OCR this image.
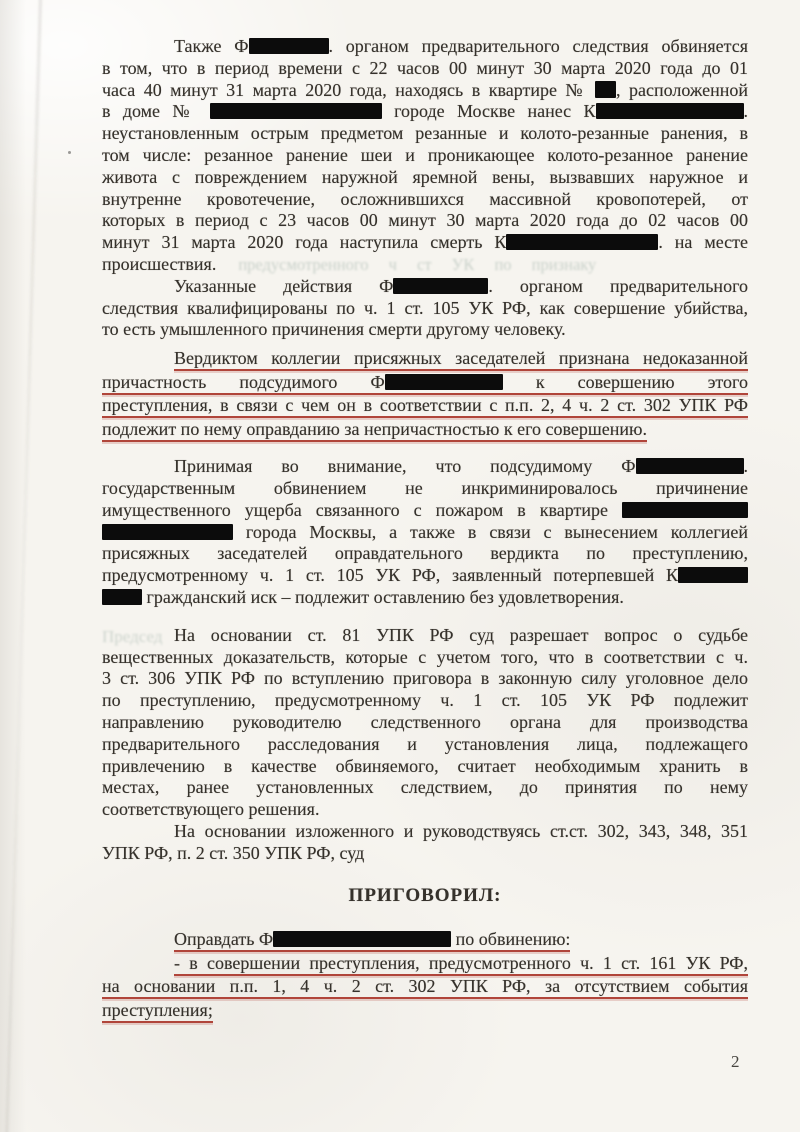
Председ
Также Ф	. органом предварительного следствия обвиняется
в том, что в период времени с 22 часов 00 минут 30 марта 2020 года до 01
часа 40 минут 31 марта 2020 года, находясь в квартире № , расположенной
в доме №	городе Москве нанес К	.
неустановленным острым предметом резанные и колото-резанные ранения, в
том числе: резанное ранение шеи и проникающее колото-резанное ранение
живота с повреждением наружной яремной вены, вызвавших наружное и
внутренне кровотечение, осложнившихся массивной кровопотерей, от
которых в период с 23 часов 00 минут 30 марта 2020 года до 02 часов 00
минут 31 марта 2020 года наступила смерть К	. на месте
происшествия. предусмотренного ч ст УК по признаку
Указанные действия Ф	. органом предварительного
следствия квалифицированы по ч. 1 ст. 105 УК РФ, как совершение убийства,
то есть умышленного причинения смерти другому человеку.
Вердиктом коллегии присяжных заседателей признана недоказанной
причастность подсудимого Ф	к совершению этого
преступления, в связи с чем он в соответствии с п.п. 2, 4 ч. 2 ст. 302 УПК РФ
подлежит по нему оправданию за непричастностью к его совершению.
Принимая во внимание, что подсудимому Ф	.
государственным обвинением не инкриминировалось причинение
имущественного ущерба связанного с пожаром в квартире
города Москвы, а также в связи с вынесением коллегией
присяжных заседателей оправдательного вердикта по преступлению,
предусмотренному ч. 1 ст. 105 УК РФ, заявленный потерпевшей К
гражданский иск – подлежит оставлению без удовлетворения.
На основании ст. 81 УПК РФ суд разрешает вопрос о судьбе
вещественных доказательств, которые с учетом того, что в соответствии с ч.
3 ст. 306 УПК РФ по вступлению приговора в законную силу уголовное дело
по преступлению, предусмотренному ч. 1 ст. 105 УК РФ подлежит
направлению руководителю следственного органа для производства
предварительного расследования и установления лица, подлежащего
привлечению в качестве обвиняемого, считает необходимым хранить в
местах, ранее установленных следствием, до принятия по нему
соответствующего решения.
На основании изложенного и руководствуясь ст.ст. 302, 343, 348, 351
УПК РФ, п. 2 ст. 350 УПК РФ, суд
ПРИГОВОРИЛ:
Оправдать Ф	по обвинению:
- в совершении преступления, предусмотренного ч. 1 ст. 161 УК РФ,
на основании п.п. 1, 4 ч. 2 ст. 302 УПК РФ, за отсутствием события
преступления;
2
